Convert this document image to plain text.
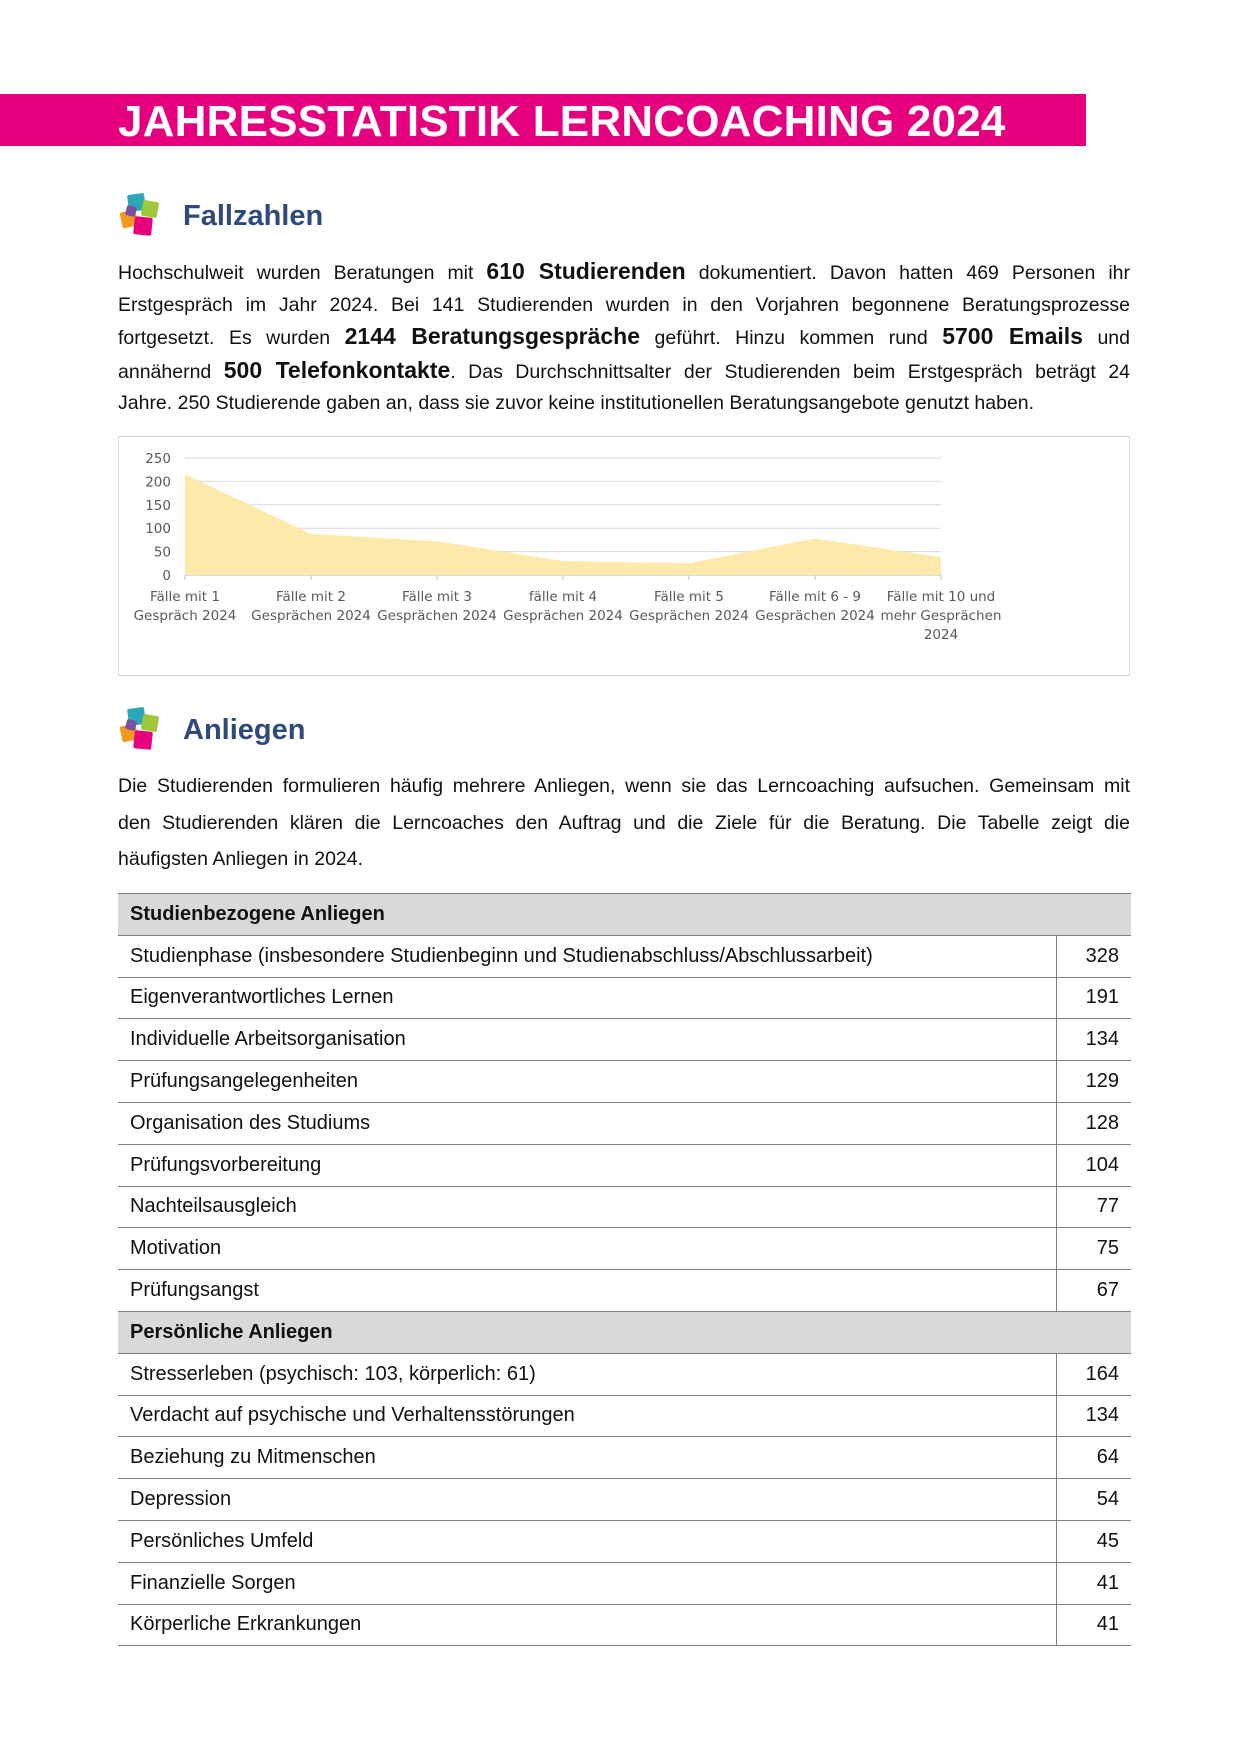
JAHRESSTATISTIK LERNCOACHING 2024
Fallzahlen
Hochschulweit wurden Beratungen mit 610 Studierenden dokumentiert. Davon hatten 469 Personen ihr
Erstgespräch im Jahr 2024. Bei 141 Studierenden wurden in den Vorjahren begonnene Beratungsprozesse
fortgesetzt. Es wurden 2144 Beratungsgespräche geführt. Hinzu kommen rund 5700 Emails und
annähernd 500 Telefonkontakte. Das Durchschnittsalter der Studierenden beim Erstgespräch beträgt 24
Jahre. 250 Studierende gaben an, dass sie zuvor keine institutionellen Beratungsangebote genutzt haben.
0
50
100
150
200
250
Fälle mit 1
Gespräch 2024
Fälle mit 2
Gesprächen 2024
Fälle mit 3
Gesprächen 2024
fälle mit 4
Gesprächen 2024
Fälle mit 5
Gesprächen 2024
Fälle mit 6 - 9
Gesprächen 2024
Fälle mit 10 und
mehr Gesprächen
2024
Anliegen
Die Studierenden formulieren häufig mehrere Anliegen, wenn sie das Lerncoaching aufsuchen. Gemeinsam mit
den Studierenden klären die Lerncoaches den Auftrag und die Ziele für die Beratung. Die Tabelle zeigt die
häufigsten Anliegen in 2024.
Studienbezogene Anliegen	
Studienphase (insbesondere Studienbeginn und Studienabschluss/Abschlussarbeit)	328
Eigenverantwortliches Lernen	191
Individuelle Arbeitsorganisation	134
Prüfungsangelegenheiten	129
Organisation des Studiums	128
Prüfungsvorbereitung	104
Nachteilsausgleich	77
Motivation	75
Prüfungsangst	67
Persönliche Anliegen	
Stresserleben (psychisch: 103, körperlich: 61)	164
Verdacht auf psychische und Verhaltensstörungen	134
Beziehung zu Mitmenschen	64
Depression	54
Persönliches Umfeld	45
Finanzielle Sorgen	41
Körperliche Erkrankungen	41
